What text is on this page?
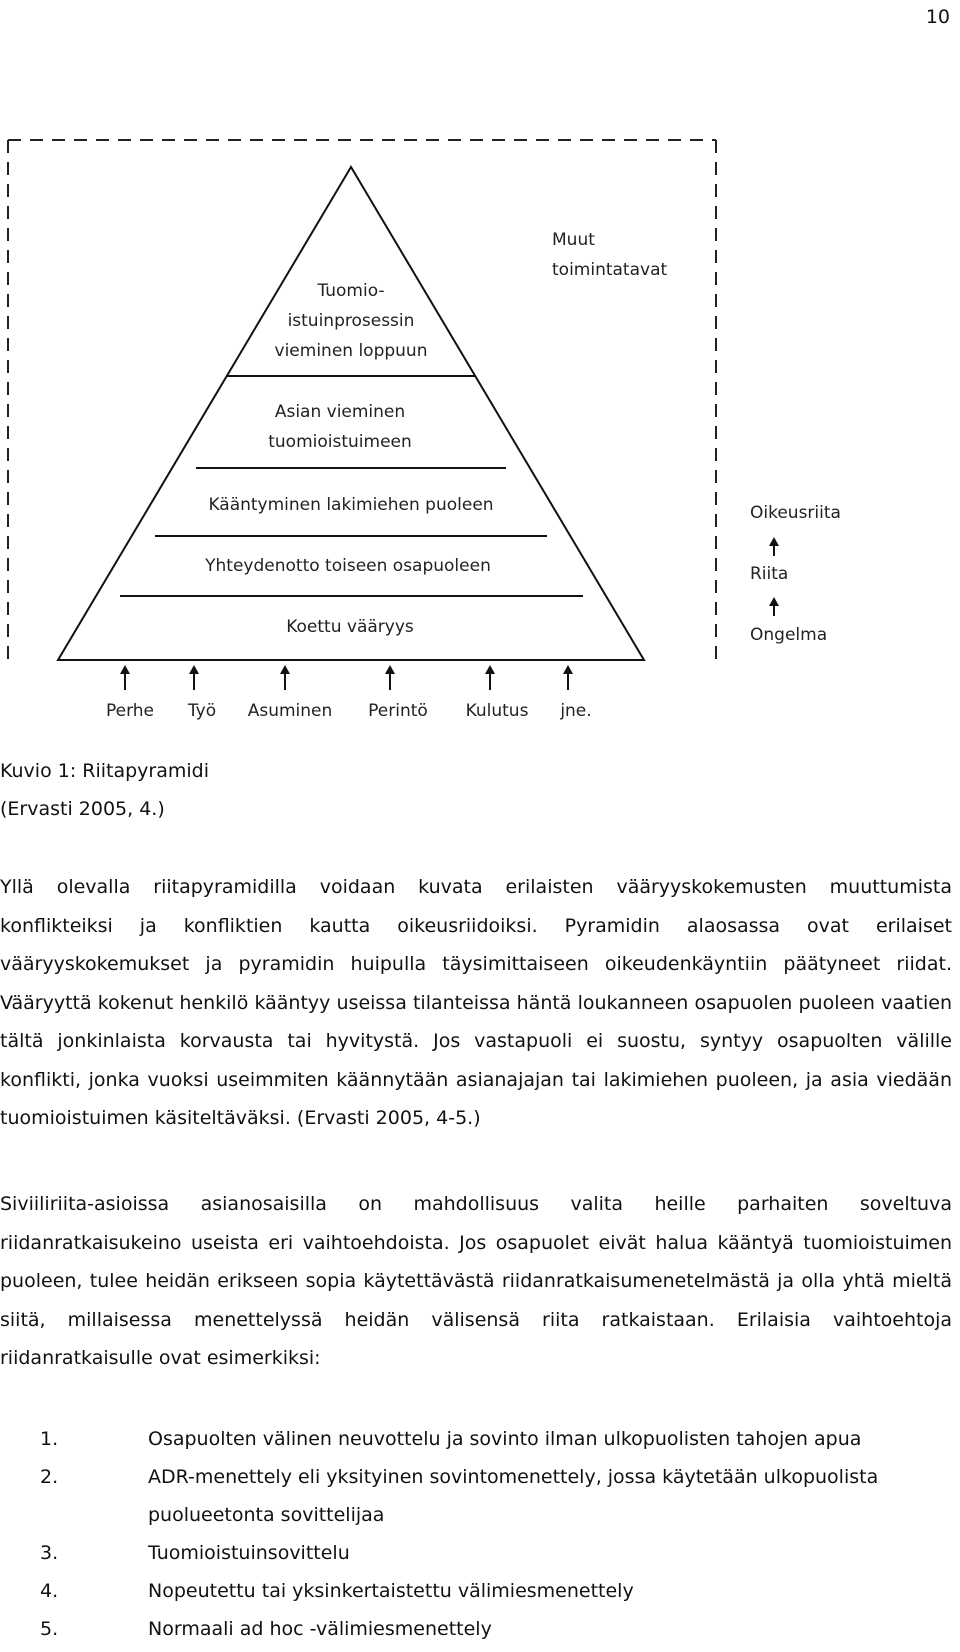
10
Tuomio-
istuinprosessin
vieminen loppuun
Asian vieminen
tuomioistuimeen
Kääntyminen lakimiehen puoleen
Yhteydenotto toiseen osapuoleen
Koettu vääryys
Muut
toimintatavat
Perhe Työ Asuminen Perintö Kulutus jne.
Oikeusriita
Riita
Ongelma
Kuvio 1: Riitapyramidi
(Ervasti 2005, 4.)
Yllä olevalla riitapyramidilla voidaan kuvata erilaisten vääryyskokemusten muuttumista konflikteiksi ja konfliktien kautta oikeusriidoiksi. Pyramidin alaosassa ovat erilaiset vääryyskokemukset ja pyramidin huipulla täysimittaiseen oikeudenkäyntiin päätyneet riidat. Vääryyttä kokenut henkilö kääntyy useissa tilanteissa häntä loukanneen osapuolen puoleen vaatien tältä jonkinlaista korvausta tai hyvitystä. Jos vastapuoli ei suostu, syntyy osapuolten välille konflikti, jonka vuoksi useimmiten käännytään asianajajan tai lakimiehen puoleen, ja asia viedään tuomioistuimen käsiteltäväksi. (Ervasti 2005, 4-5.)
Siviiliriita-asioissa asianosaisilla on mahdollisuus valita heille parhaiten soveltuva riidanratkaisukeino useista eri vaihtoehdoista. Jos osapuolet eivät halua kääntyä tuomioistuimen puoleen, tulee heidän erikseen sopia käytettävästä riidanratkaisumenetelmästä ja olla yhtä mieltä siitä, millaisessa menettelyssä heidän välisensä riita ratkaistaan. Erilaisia vaihtoehtoja riidanratkaisulle ovat esimerkiksi:
1.	Osapuolten välinen neuvottelu ja sovinto ilman ulkopuolisten tahojen apua
2.	ADR-menettely eli yksityinen sovintomenettely, jossa käytetään ulkopuolista puolueetonta sovittelijaa
3.	Tuomioistuinsovittelu
4.	Nopeutettu tai yksinkertaistettu välimiesmenettely
5.	Normaali ad hoc -välimiesmenettely
